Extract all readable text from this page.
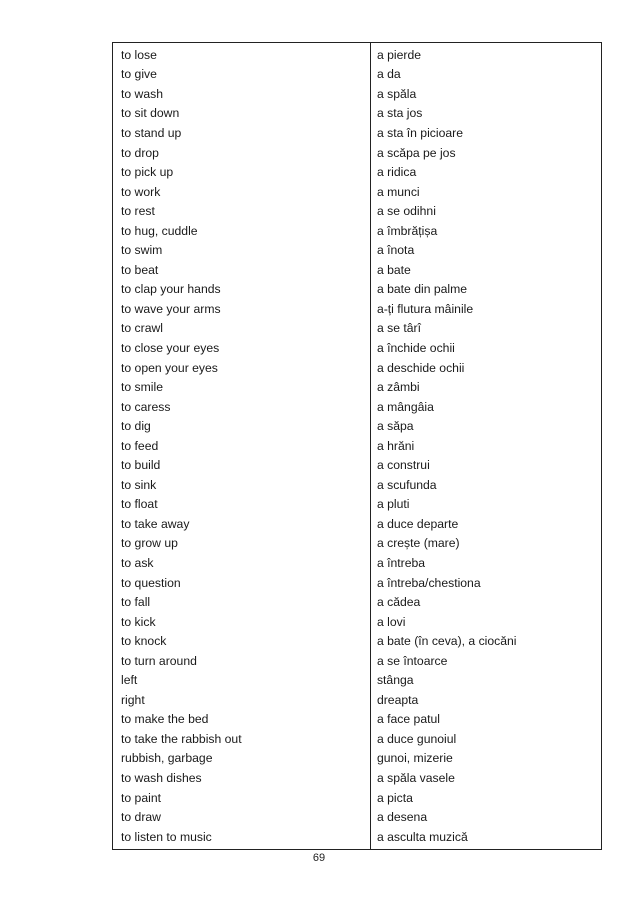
to lose	a pierde
to give	a da
to wash	a spăla
to sit down	a sta jos
to stand up	a sta în picioare
to drop	a scăpa pe jos
to pick up	a ridica
to work	a munci
to rest	a se odihni
to hug, cuddle	a îmbrățișa
to swim	a înota
to beat	a bate
to clap your hands	a bate din palme
to wave your arms	a-ți flutura mâinile
to crawl	a se târî
to close your eyes	a închide ochii
to open your eyes	a deschide ochii
to smile	a zâmbi
to caress	a mângâia
to dig	a săpa
to feed	a hrăni
to build	a construi
to sink	a scufunda
to float	a pluti
to take away	a duce departe
to grow up	a crește (mare)
to ask	a întreba
to question	a întreba/chestiona
to fall	a cădea
to kick	a lovi
to knock	a bate (în ceva), a ciocăni
to turn around	a se întoarce
left	stânga
right	dreapta
to make the bed	a face patul
to take the rabbish out	a duce gunoiul
rubbish, garbage	gunoi, mizerie
to wash dishes	a spăla vasele
to paint	a picta
to draw	a desena
to listen to music	a asculta muzică
69
